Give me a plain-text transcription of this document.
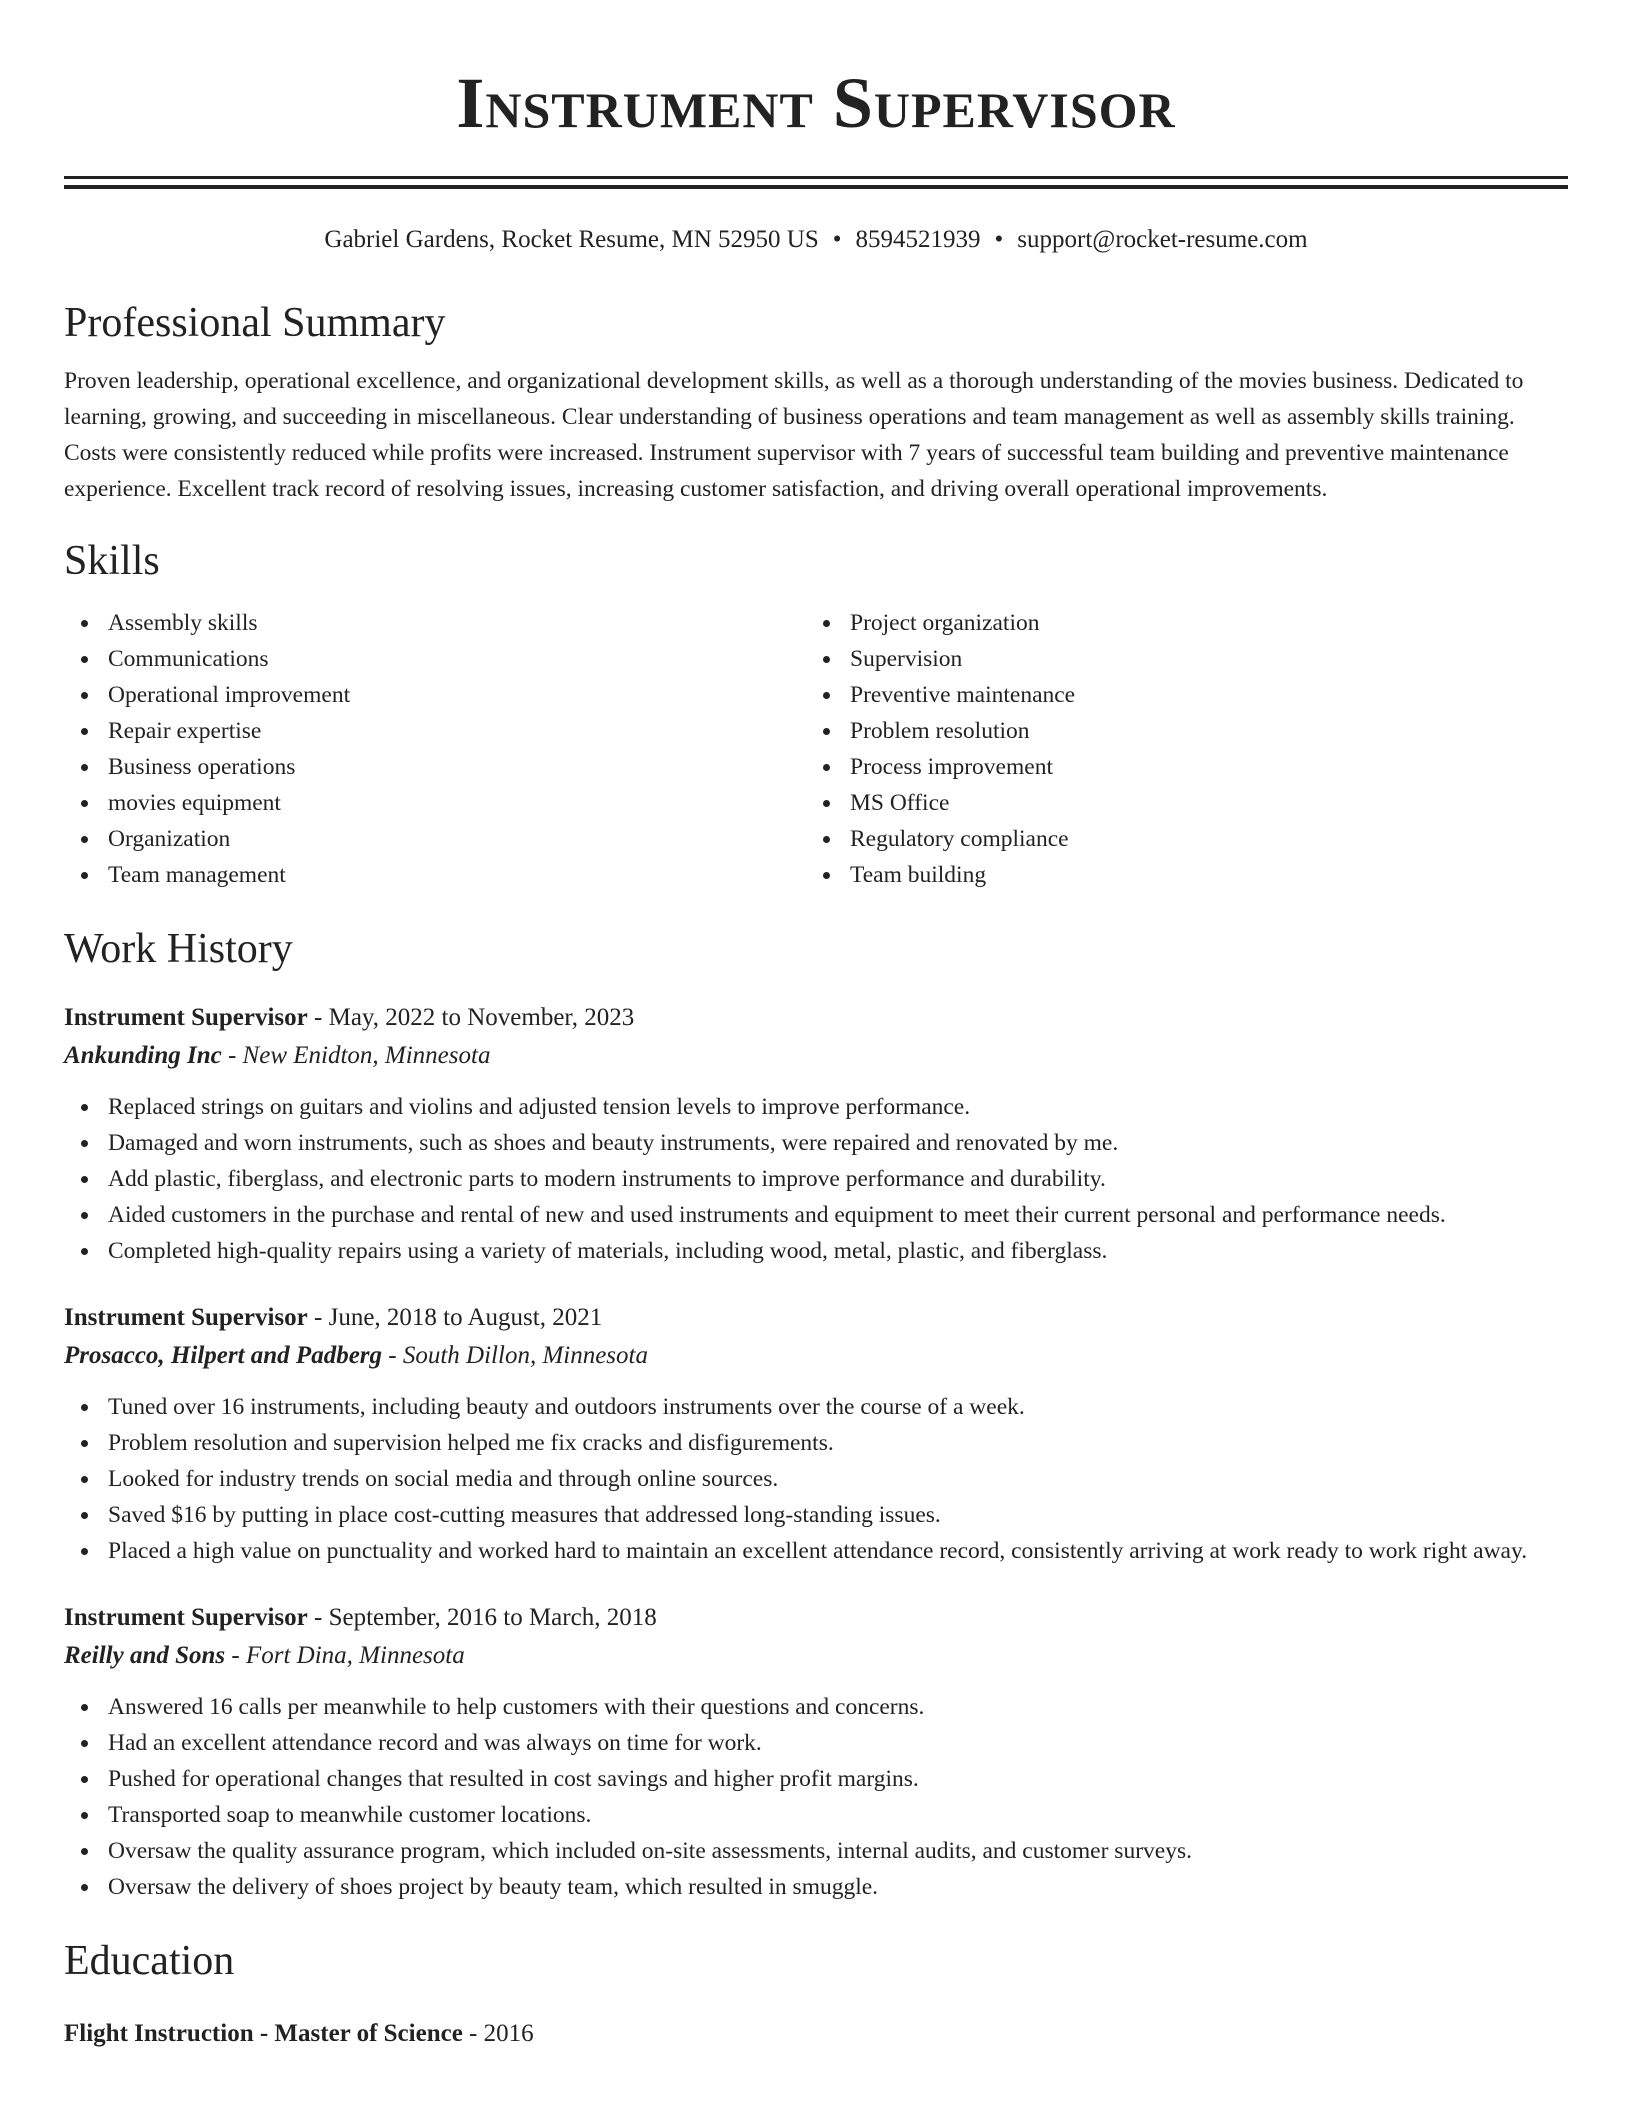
Instrument Supervisor
Gabriel Gardens, Rocket Resume, MN 52950 US • 8594521939 • support@rocket-resume.com
Professional Summary

Proven leadership, operational excellence, and organizational development skills, as well as a thorough understanding of the movies business. Dedicated to learning, growing, and succeeding in miscellaneous. Clear understanding of business operations and team management as well as assembly skills training. Costs were consistently reduced while profits were increased. Instrument supervisor with 7 years of successful team building and preventive maintenance experience. Excellent track record of resolving issues, increasing customer satisfaction, and driving overall operational improvements.

Skills
Assembly skills
Communications
Operational improvement
Repair expertise
Business operations
movies equipment
Organization
Team management
Project organization
Supervision
Preventive maintenance
Problem resolution
Process improvement
MS Office
Regulatory compliance
Team building
Work History
Instrument Supervisor - May, 2022 to November, 2023
Ankunding Inc - New Enidton, Minnesota
Replaced strings on guitars and violins and adjusted tension levels to improve performance.
Damaged and worn instruments, such as shoes and beauty instruments, were repaired and renovated by me.
Add plastic, fiberglass, and electronic parts to modern instruments to improve performance and durability.
Aided customers in the purchase and rental of new and used instruments and equipment to meet their current personal and performance needs.
Completed high-quality repairs using a variety of materials, including wood, metal, plastic, and fiberglass.
Instrument Supervisor - June, 2018 to August, 2021
Prosacco, Hilpert and Padberg - South Dillon, Minnesota
Tuned over 16 instruments, including beauty and outdoors instruments over the course of a week.
Problem resolution and supervision helped me fix cracks and disfigurements.
Looked for industry trends on social media and through online sources.
Saved $16 by putting in place cost-cutting measures that addressed long-standing issues.
Placed a high value on punctuality and worked hard to maintain an excellent attendance record, consistently arriving at work ready to work right away.
Instrument Supervisor - September, 2016 to March, 2018
Reilly and Sons - Fort Dina, Minnesota
Answered 16 calls per meanwhile to help customers with their questions and concerns.
Had an excellent attendance record and was always on time for work.
Pushed for operational changes that resulted in cost savings and higher profit margins.
Transported soap to meanwhile customer locations.
Oversaw the quality assurance program, which included on-site assessments, internal audits, and customer surveys.
Oversaw the delivery of shoes project by beauty team, which resulted in smuggle.
Education
Flight Instruction - Master of Science - 2016
